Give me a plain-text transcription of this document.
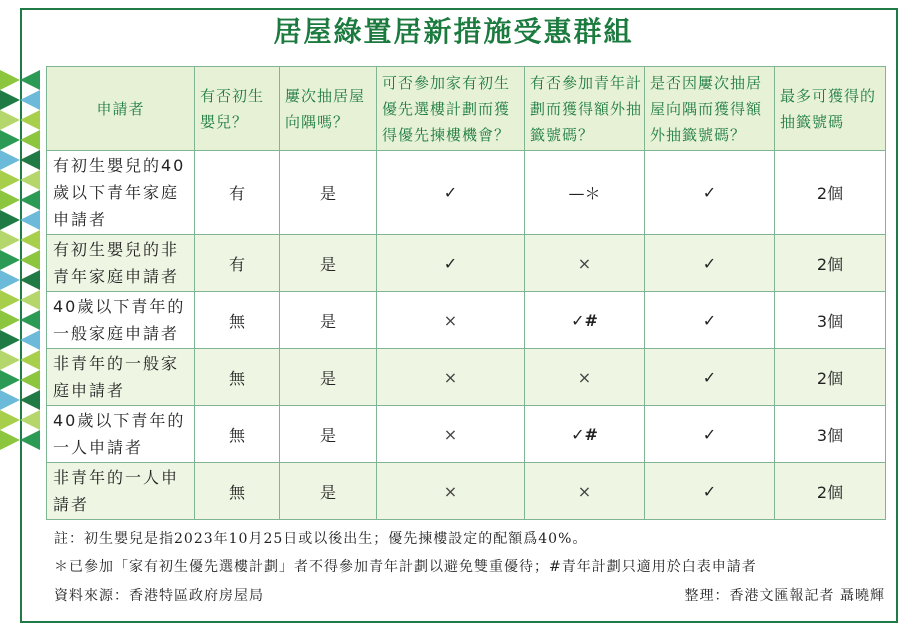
居屋綠置居新措施受惠群組
申請者	有否初生嬰兒？	屢次抽居屋向隅嗎？	可否參加家有初生優先選樓計劃而獲得優先揀樓機會？	有否參加青年計劃而獲得額外抽籤號碼？	是否因屢次抽居屋向隅而獲得額外抽籤號碼？	最多可獲得的抽籤號碼
有初生嬰兒的40歲以下青年家庭申請者	有	是	✓	—＊	✓	2個
有初生嬰兒的非青年家庭申請者	有	是	✓	×	✓	2個
40歲以下青年的一般家庭申請者	無	是	×	✓#	✓	3個
非青年的一般家庭申請者	無	是	×	×	✓	2個
40歲以下青年的一人申請者	無	是	×	✓#	✓	3個
非青年的一人申請者	無	是	×	×	✓	2個
註：初生嬰兒是指2023年10月25日或以後出生；優先揀樓設定的配額爲40%。
＊已參加「家有初生優先選樓計劃」者不得參加青年計劃以避免雙重優待；#青年計劃只適用於白表申請者
資料來源：香港特區政府房屋局	整理：香港文匯報記者 聶曉輝
